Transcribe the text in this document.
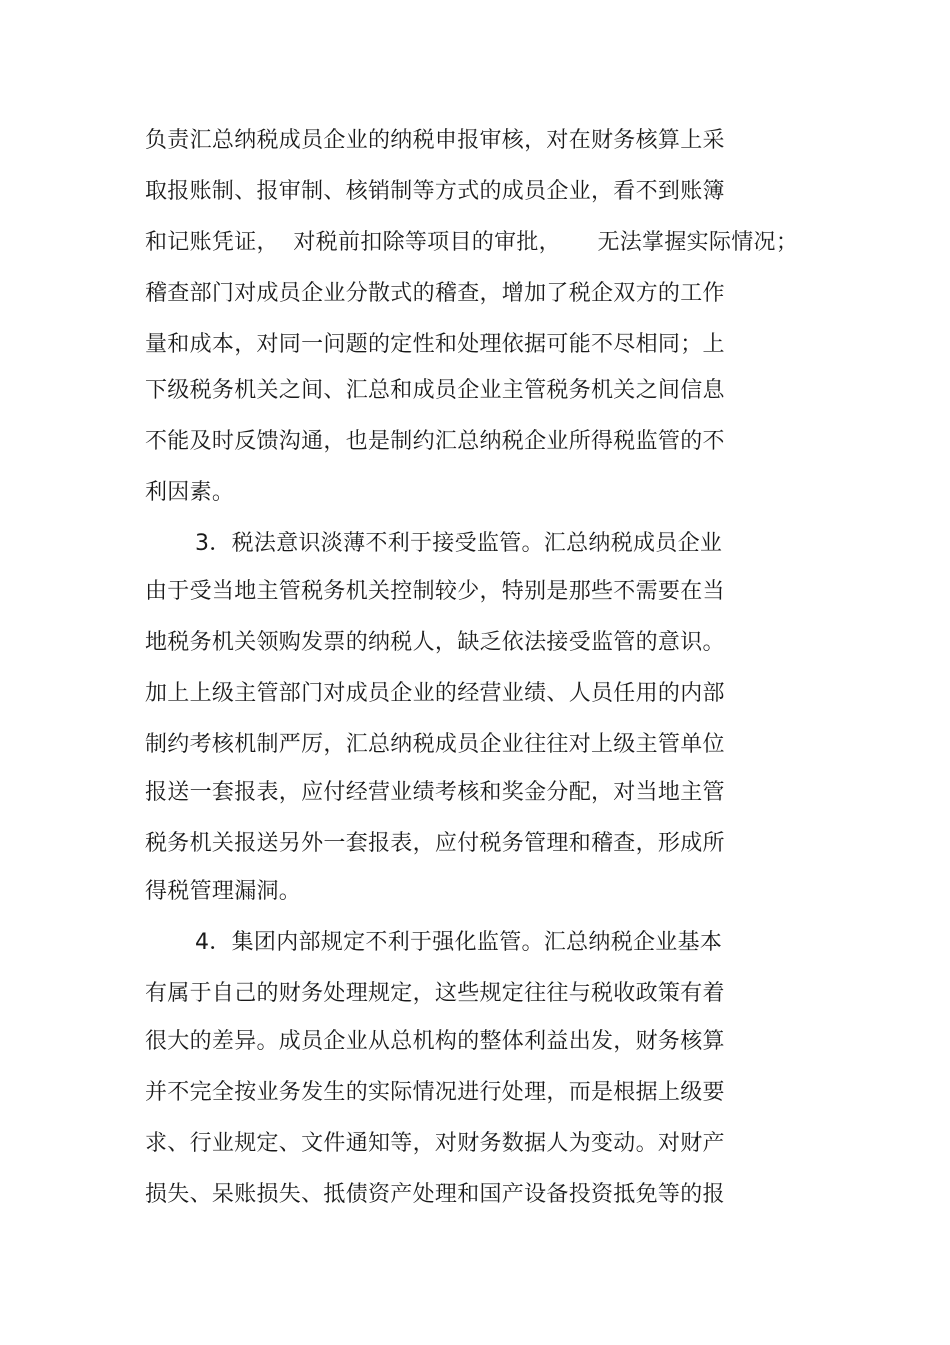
负责汇总纳税成员企业的纳税申报审核，对在财务核算上采
取报账制、报审制、核销制等方式的成员企业，看不到账簿
和记账凭证，  对税前扣除等项目的审批，     无法掌握实际情况；
稽查部门对成员企业分散式的稽查，增加了税企双方的工作
量和成本，对同一问题的定性和处理依据可能不尽相同；上
下级税务机关之间、汇总和成员企业主管税务机关之间信息
不能及时反馈沟通，也是制约汇总纳税企业所得税监管的不
利因素。
3．税法意识淡薄不利于接受监管。汇总纳税成员企业
由于受当地主管税务机关控制较少，特别是那些不需要在当
地税务机关领购发票的纳税人，缺乏依法接受监管的意识。
加上上级主管部门对成员企业的经营业绩、人员任用的内部
制约考核机制严厉，汇总纳税成员企业往往对上级主管单位
报送一套报表，应付经营业绩考核和奖金分配，对当地主管
税务机关报送另外一套报表，应付税务管理和稽查，形成所
得税管理漏洞。
4．集团内部规定不利于强化监管。汇总纳税企业基本
有属于自己的财务处理规定，这些规定往往与税收政策有着
很大的差异。成员企业从总机构的整体利益出发，财务核算
并不完全按业务发生的实际情况进行处理，而是根据上级要
求、行业规定、文件通知等，对财务数据人为变动。对财产
损失、呆账损失、抵债资产处理和国产设备投资抵免等的报
